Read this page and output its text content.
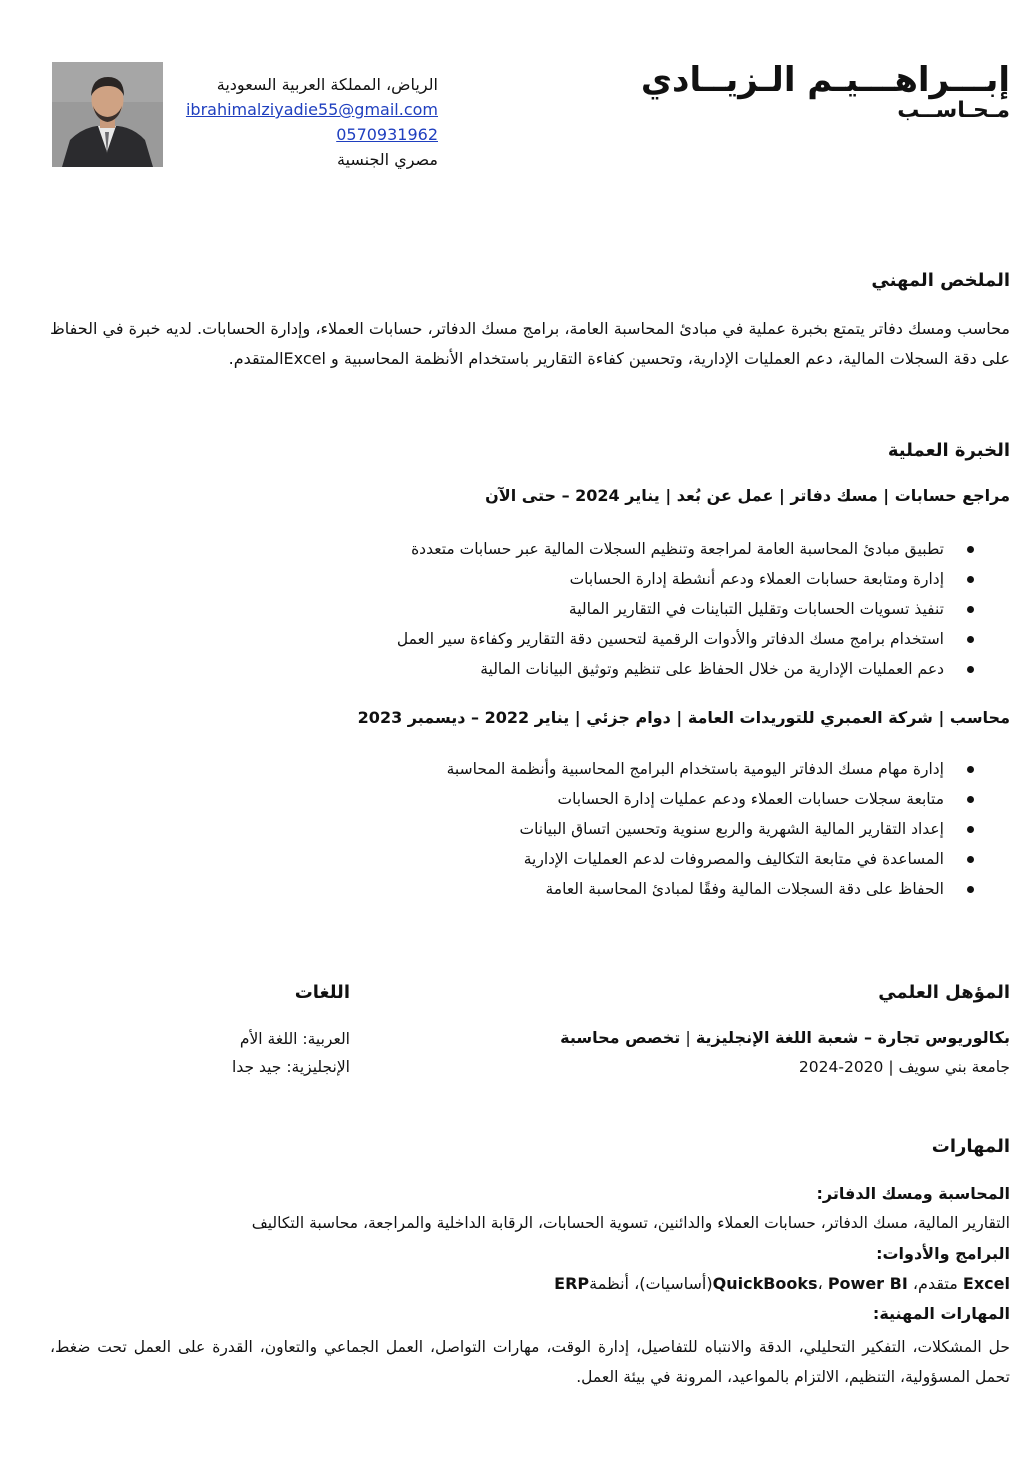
إبـــراهـــيـم الـزيــادي
مـحـاســب
الرياض، المملكة العربية السعودية
ibrahimalziyadie55@gmail.com
0570931962
مصري الجنسية
الملخص المهني
محاسب ومسك دفاتر يتمتع بخبرة عملية في مبادئ المحاسبة العامة، برامج مسك الدفاتر، حسابات العملاء، وإدارة الحسابات. لديه خبرة في الحفاظ على دقة السجلات المالية، دعم العمليات الإدارية، وتحسين كفاءة التقارير باستخدام الأنظمة المحاسبية و Excelالمتقدم.
الخبرة العملية
مراجع حسابات | مسك دفاتر | عمل عن بُعد | يناير 2024 – حتى الآن
تطبيق مبادئ المحاسبة العامة لمراجعة وتنظيم السجلات المالية عبر حسابات متعددة
إدارة ومتابعة حسابات العملاء ودعم أنشطة إدارة الحسابات
تنفيذ تسويات الحسابات وتقليل التباينات في التقارير المالية
استخدام برامج مسك الدفاتر والأدوات الرقمية لتحسين دقة التقارير وكفاءة سير العمل
دعم العمليات الإدارية من خلال الحفاظ على تنظيم وتوثيق البيانات المالية
محاسب | شركة العمبري للتوريدات العامة | دوام جزئي | يناير 2022 – ديسمبر 2023
إدارة مهام مسك الدفاتر اليومية باستخدام البرامج المحاسبية وأنظمة المحاسبة
متابعة سجلات حسابات العملاء ودعم عمليات إدارة الحسابات
إعداد التقارير المالية الشهرية والربع سنوية وتحسين اتساق البيانات
المساعدة في متابعة التكاليف والمصروفات لدعم العمليات الإدارية
الحفاظ على دقة السجلات المالية وفقًا لمبادئ المحاسبة العامة
المؤهل العلمي
بكالوريوس تجارة – شعبة اللغة الإنجليزية | تخصص محاسبة
جامعة بني سويف | 2020-2024
اللغات
العربية: اللغة الأم
الإنجليزية: جيد جدا
المهارات
المحاسبة ومسك الدفاتر:
التقارير المالية، مسك الدفاتر، حسابات العملاء والدائنين، تسوية الحسابات، الرقابة الداخلية والمراجعة، محاسبة التكاليف
البرامج والأدوات:
Excel متقدم، QuickBooks، Power BI(أساسيات)، أنظمةERP
المهارات المهنية:
حل المشكلات، التفكير التحليلي، الدقة والانتباه للتفاصيل، إدارة الوقت، مهارات التواصل، العمل الجماعي والتعاون، القدرة على العمل تحت ضغط، تحمل المسؤولية، التنظيم، الالتزام بالمواعيد، المرونة في بيئة العمل.
